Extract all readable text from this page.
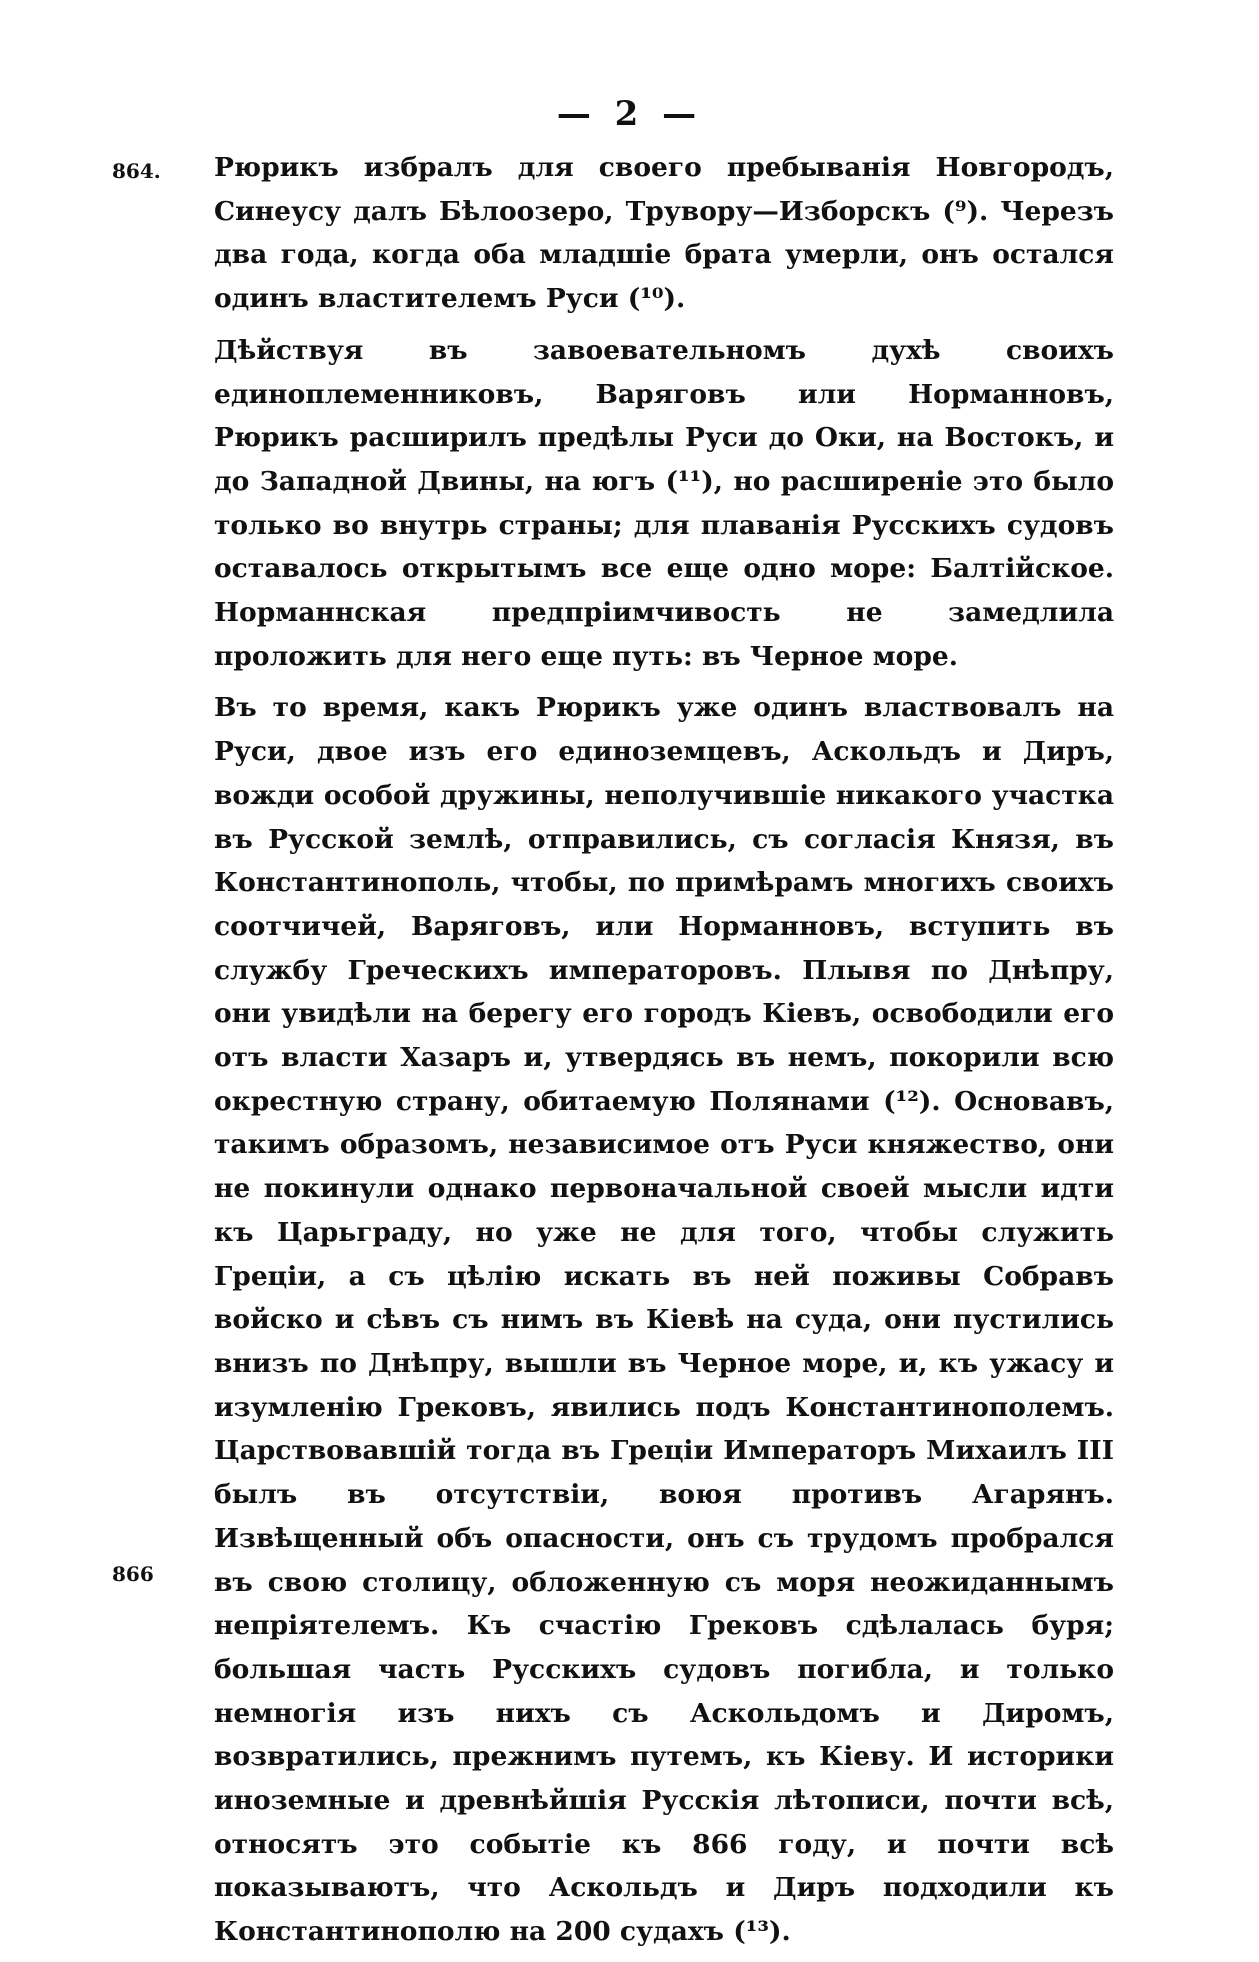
— 2 —
864.
866

Рюрикъ избралъ для своего пребыванія Новгородъ, Синеусу далъ Бѣлоозеро, Трувору—Изборскъ (⁹). Черезъ два года, когда оба младшіе брата умерли, онъ остался одинъ властителемъ Руси (¹⁰).

Дѣйствуя въ завоевательномъ духѣ своихъ единоплеменниковъ, Варяговъ или Норманновъ, Рюрикъ расширилъ предѣлы Руси до Оки, на Востокъ, и до Западной Двины, на югъ (¹¹), но расширеніе это было только во внутрь страны; для плаванія Русскихъ судовъ оставалось открытымъ все еще одно море: Балтійское. Норманнская предпріимчивость не замедлила проложить для него еще путь: въ Черное море.

Въ то время, какъ Рюрикъ уже одинъ властвовалъ на Руси, двое изъ его единоземцевъ, Аскольдъ и Диръ, вожди особой дружины, неполучившіе никакого участка въ Русской землѣ, отправились, съ согласія Князя, въ Константинополь, чтобы, по примѣрамъ многихъ своихъ соотчичей, Варяговъ, или Норманновъ, вступить въ службу Греческихъ императоровъ. Плывя по Днѣпру, они увидѣли на берегу его городъ Кіевъ, освободили его отъ власти Хазаръ и, утвердясь въ немъ, покорили всю окрестную страну, обитаемую Полянами (¹²). Основавъ, такимъ образомъ, независимое отъ Руси княжество, они не покинули однако первоначальной своей мысли идти къ Царьграду, но уже не для того, чтобы служить Греціи, а съ цѣлію искать въ ней поживы Собравъ войско и сѣвъ съ нимъ въ Кіевѣ на суда, они пустились внизъ по Днѣпру, вышли въ Черное море, и, къ ужасу и изумленію Грековъ, явились подъ Константинополемъ. Царствовавшій тогда въ Греціи Императоръ Михаилъ III былъ въ отсутствіи, воюя противъ Агарянъ. Извѣщенный объ опасности, онъ съ трудомъ пробрался въ свою столицу, обложенную съ моря неожиданнымъ непріятелемъ. Къ счастію Грековъ сдѣлалась буря; большая часть Русскихъ судовъ погибла, и только немногія изъ нихъ съ Аскольдомъ и Диромъ, возвратились, прежнимъ путемъ, къ Кіеву. И историки иноземные и древнѣйшія Русскія лѣтописи, почти всѣ, относятъ это событіе къ 866 году, и почти всѣ показываютъ, что Аскольдъ и Диръ подходили къ Константинополю на 200 судахъ (¹³).
